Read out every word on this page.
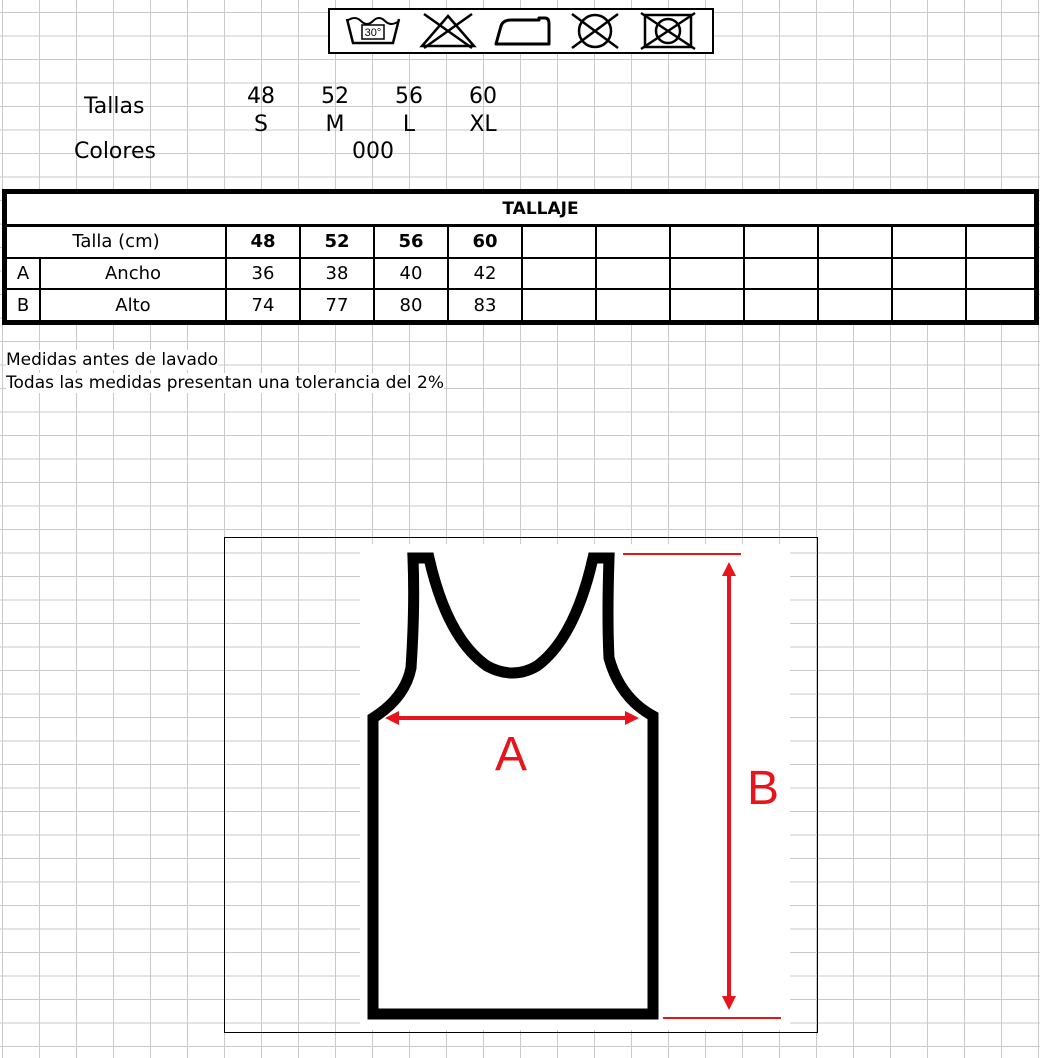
30°
Tallas	48	52	56	60
S	M	L	XL
Colores	000
TALLAJE												
Talla (cm)		48	52	56	60							
A	Ancho	36	38	40	42							
B	Alto	74	77	80	83							
Medidas antes de lavado
Todas las medidas presentan una tolerancia del 2%
A
B
